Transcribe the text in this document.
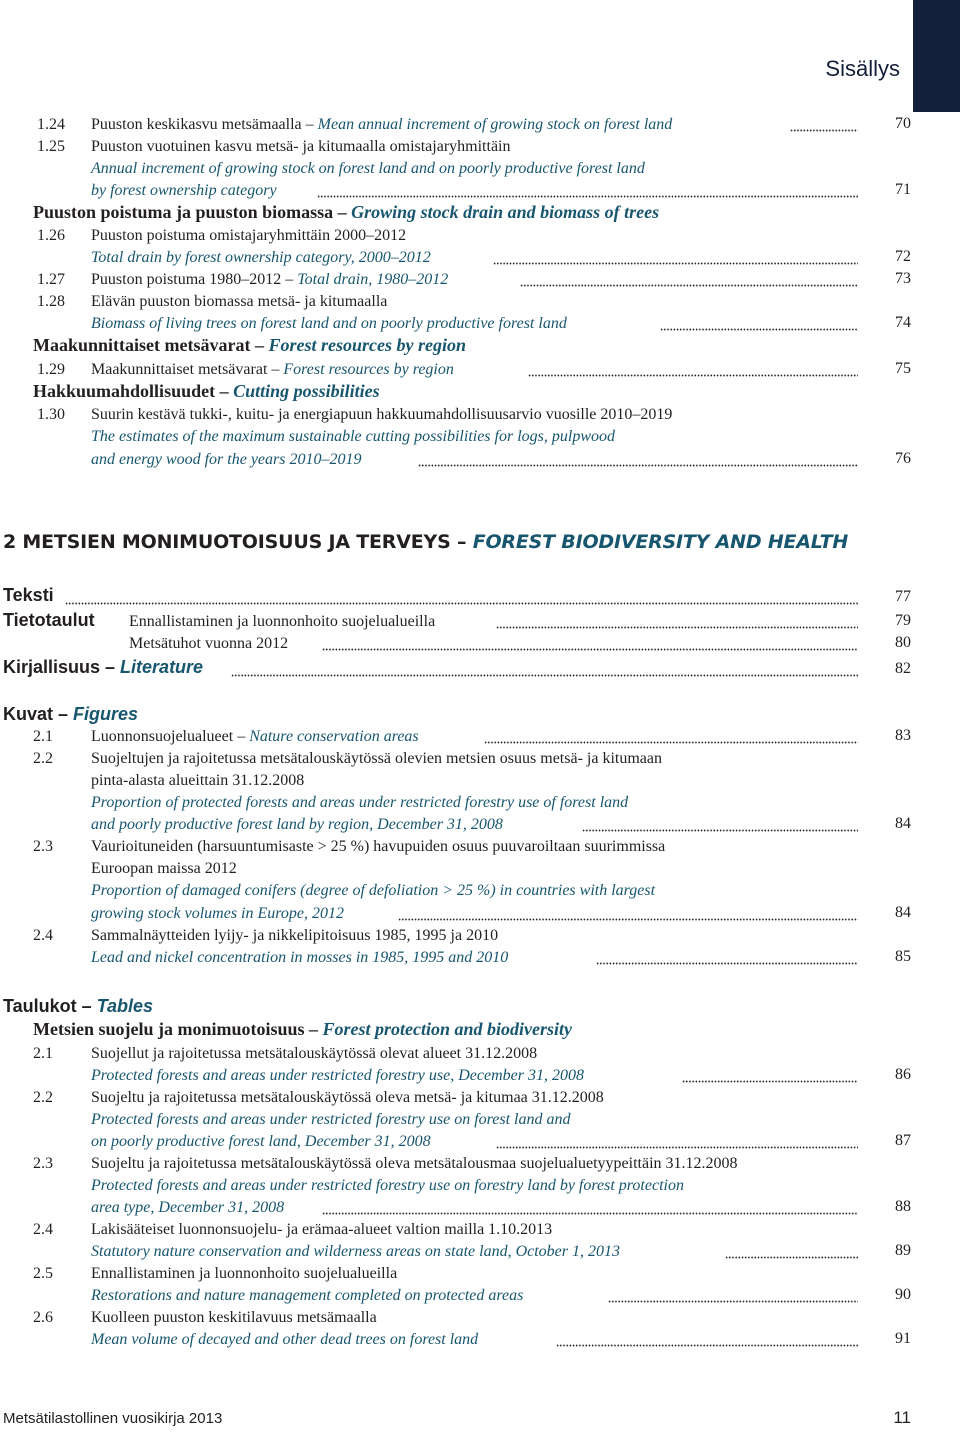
Sisällys
1.24 Puuston keskikasvu metsämaalla – Mean annual increment of growing stock on forest land	70
1.25 Puuston vuotuinen kasvu metsä- ja kitumaalla omistajaryhmittäin
Annual increment of growing stock on forest land and on poorly productive forest land
by forest ownership category	71
Puuston poistuma ja puuston biomassa – Growing stock drain and biomass of trees
1.26 Puuston poistuma omistajaryhmittäin 2000–2012
Total drain by forest ownership category, 2000–2012	72
1.27 Puuston poistuma 1980–2012 – Total drain, 1980–2012	73
1.28 Elävän puuston biomassa metsä- ja kitumaalla
Biomass of living trees on forest land and on poorly productive forest land	74
Maakunnittaiset metsävarat – Forest resources by region
1.29 Maakunnittaiset metsävarat – Forest resources by region	75
Hakkuumahdollisuudet – Cutting possibilities
1.30 Suurin kestävä tukki-, kuitu- ja energiapuun hakkuumahdollisuusarvio vuosille 2010–2019
The estimates of the maximum sustainable cutting possibilities for logs, pulpwood
and energy wood for the years 2010–2019	76
2 METSIEN MONIMUOTOISUUS JA TERVEYS – FOREST BIODIVERSITY AND HEALTH
Teksti	77
Tietotaulut Ennallistaminen ja luonnonhoito suojelualueilla	79
Metsätuhot vuonna 2012	80
Kirjallisuus – Literature	82
Kuvat – Figures
2.1 Luonnonsuojelualueet – Nature conservation areas	83
2.2 Suojeltujen ja rajoitetussa metsätalouskäytössä olevien metsien osuus metsä- ja kitumaan
pinta-alasta alueittain 31.12.2008
Proportion of protected forests and areas under restricted forestry use of forest land
and poorly productive forest land by region, December 31, 2008	84
2.3 Vaurioituneiden (harsuuntumisaste > 25 %) havupuiden osuus puuvaroiltaan suurimmissa
Euroopan maissa 2012
Proportion of damaged conifers (degree of defoliation > 25 %) in countries with largest
growing stock volumes in Europe, 2012	84
2.4 Sammalnäytteiden lyijy- ja nikkelipitoisuus 1985, 1995 ja 2010
Lead and nickel concentration in mosses in 1985, 1995 and 2010	85
Taulukot – Tables
Metsien suojelu ja monimuotoisuus – Forest protection and biodiversity
2.1 Suojellut ja rajoitetussa metsätalouskäytössä olevat alueet 31.12.2008
Protected forests and areas under restricted forestry use, December 31, 2008	86
2.2 Suojeltu ja rajoitetussa metsätalouskäytössä oleva metsä- ja kitumaa 31.12.2008
Protected forests and areas under restricted forestry use on forest land and
on poorly productive forest land, December 31, 2008	87
2.3 Suojeltu ja rajoitetussa metsätalouskäytössä oleva metsätalousmaa suojelualuetyypeittäin 31.12.2008
Protected forests and areas under restricted forestry use on forestry land by forest protection
area type, December 31, 2008	88
2.4 Lakisääteiset luonnonsuojelu- ja erämaa-alueet valtion mailla 1.10.2013
Statutory nature conservation and wilderness areas on state land, October 1, 2013	89
2.5 Ennallistaminen ja luonnonhoito suojelualueilla
Restorations and nature management completed on protected areas	90
2.6 Kuolleen puuston keskitilavuus metsämaalla
Mean volume of decayed and other dead trees on forest land	91
Metsätilastollinen vuosikirja 2013	11
